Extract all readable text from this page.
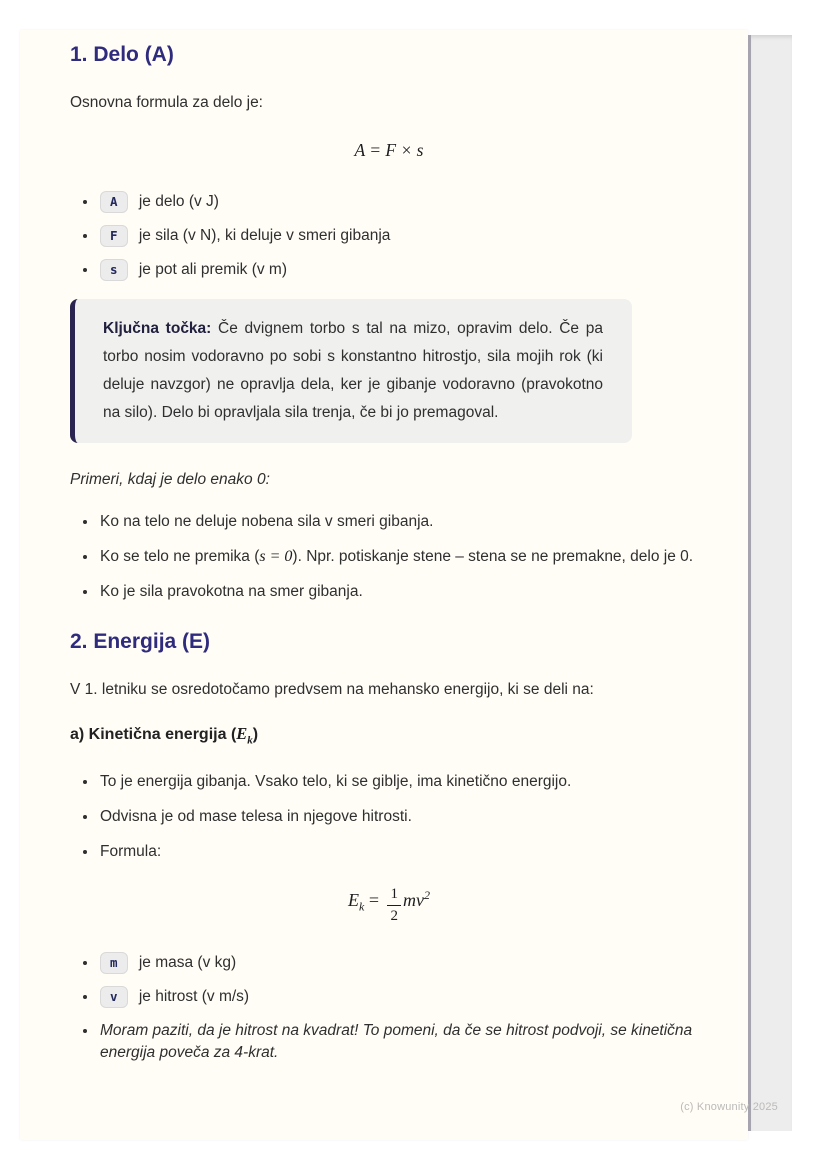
1. Delo (A)

Osnovna formula za delo je:

A = F × s
• A je delo (v J)
• F je sila (v N), ki deluje v smeri gibanja
• s je pot ali premik (v m)
Ključna točka: Če dvignem torbo s tal na mizo, opravim delo. Če pa torbo nosim vodoravno po sobi s konstantno hitrostjo, sila mojih rok (ki deluje navzgor) ne opravlja dela, ker je gibanje vodoravno (pravokotno na silo). Delo bi opravljala sila trenja, če bi jo premagoval.

Primeri, kdaj je delo enako 0:

• Ko na telo ne deluje nobena sila v smeri gibanja.
• Ko se telo ne premika (s = 0). Npr. potiskanje stene – stena se ne premakne, delo je 0.
• Ko je sila pravokotna na smer gibanja.
2. Energija (E)

V 1. letniku se osredotočamo predvsem na mehansko energijo, ki se deli na:

a) Kinetična energija $(E_k)$

• To je energija gibanja. Vsako telo, ki se giblje, ima kinetično energijo.
• Odvisna je od mase telesa in njegove hitrosti.
• Formula:
$E_k = \frac{1}{2} mv^2$
• m je masa (v kg)
• v je hitrost (v m/s)
• Moram paziti, da je hitrost na kvadrat! To pomeni, da če se hitrost podvoji, se kinetična energija poveča za 4-krat.
(c) Knowunity 2025
